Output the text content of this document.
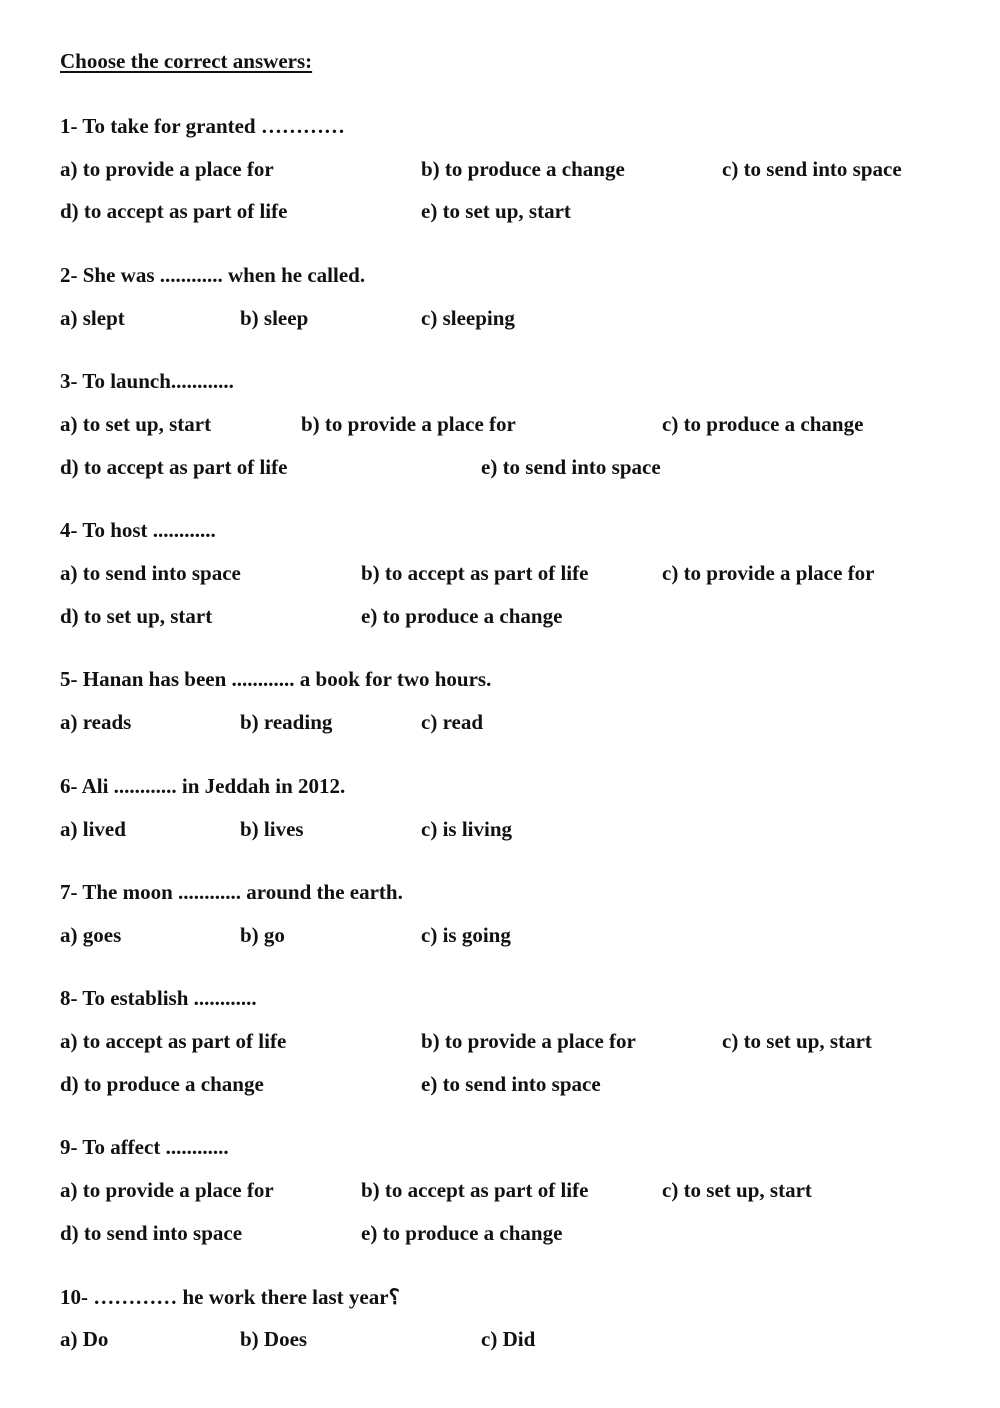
Choose the correct answers:
1- To take for granted …………
a) to provide a place for	b) to produce a change	c) to send into space
d) to accept as part of life	e) to set up, start
2- She was ............ when he called.
a) slept	b) sleep	c) sleeping
3- To launch............
a) to set up, start	b) to provide a place for	c) to produce a change
d) to accept as part of life	e) to send into space
4- To host ............
a) to send into space	b) to accept as part of life	c) to provide a place for
d) to set up, start	e) to produce a change
5- Hanan has been ............ a book for two hours.
a) reads	b) reading	c) read
6- Ali ............ in Jeddah in 2012.
a) lived	b) lives	c) is living
7- The moon ............ around the earth.
a) goes	b) go	c) is going
8- To establish ............
a) to accept as part of life	b) to provide a place for	c) to set up, start
d) to produce a change	e) to send into space
9- To affect ............
a) to provide a place for	b) to accept as part of life	c) to set up, start
d) to send into space	e) to produce a change
10- ………… he work there last year؟
a) Do	b) Does	c) Did
